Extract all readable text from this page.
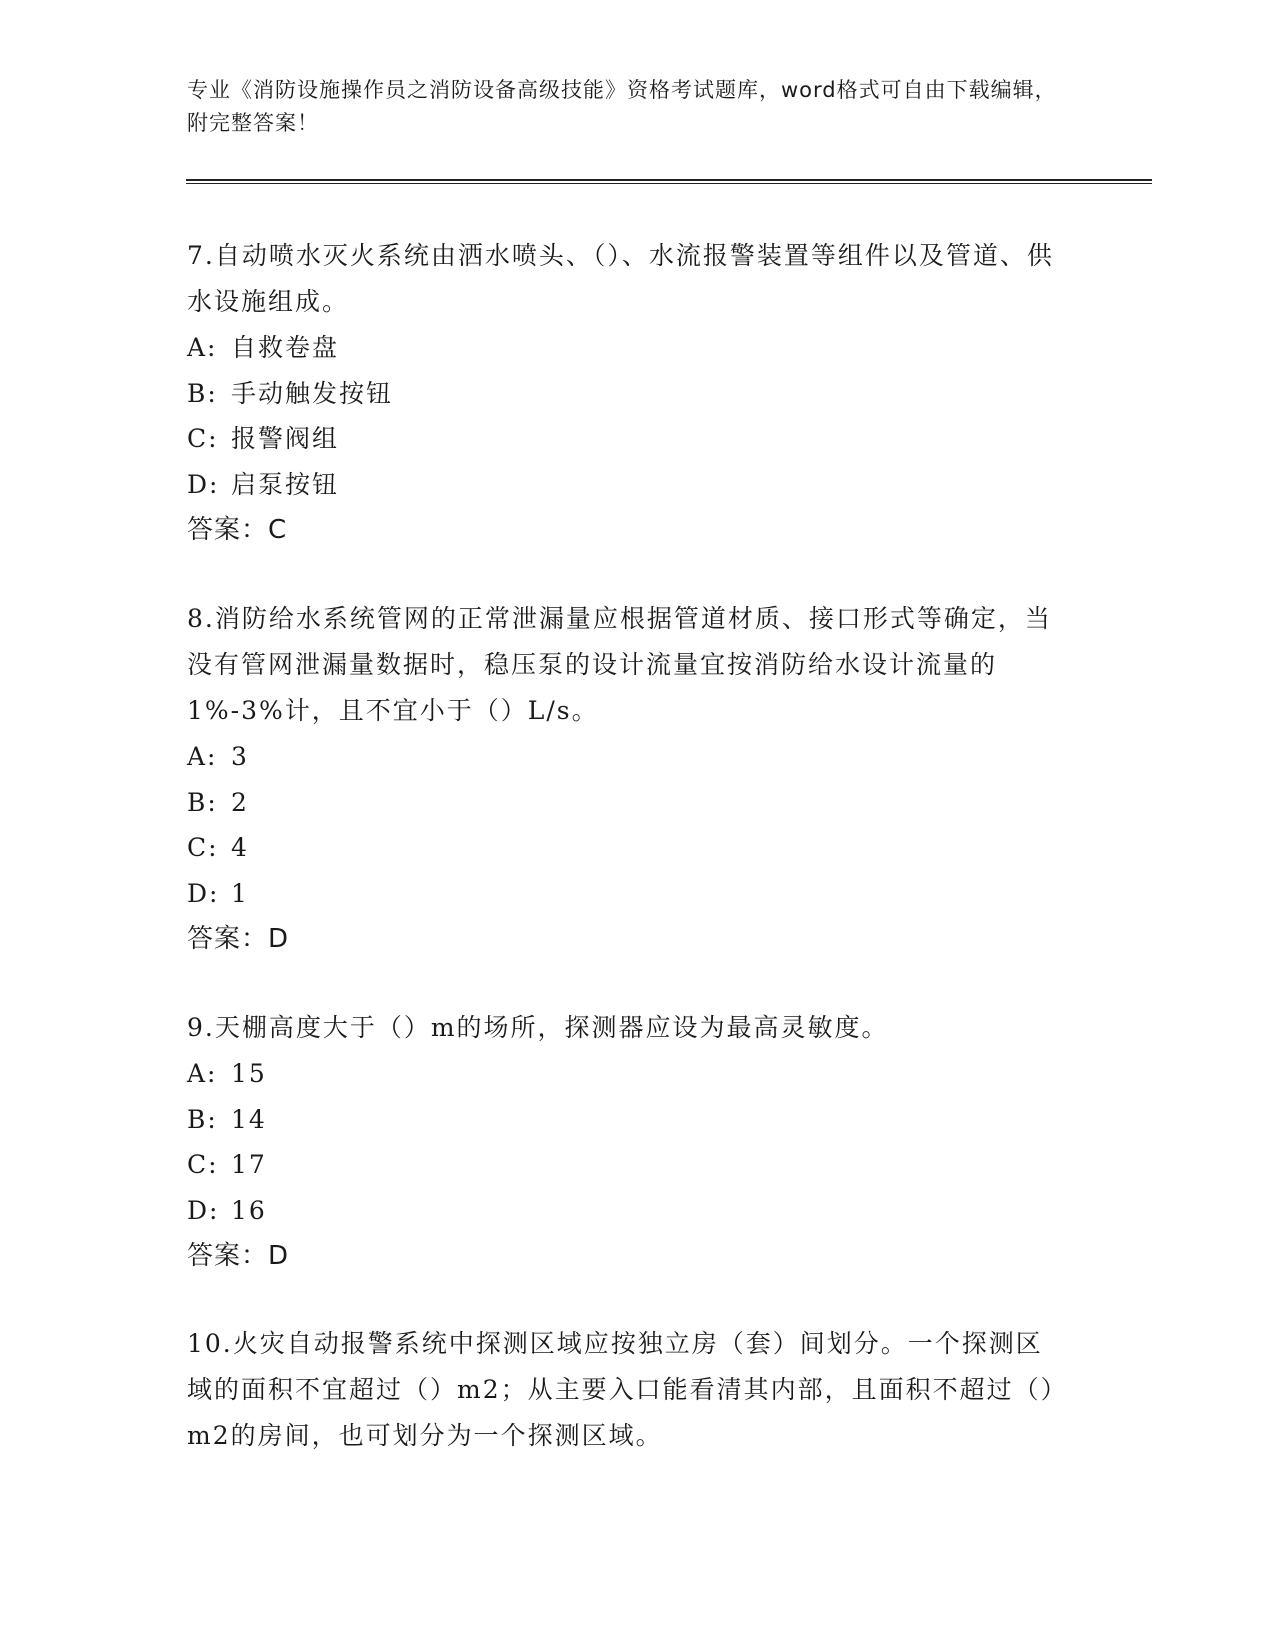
专业《消防设施操作员之消防设备高级技能》资格考试题库，word格式可自由下载编辑，附完整答案！

7.自动喷水灭火系统由洒水喷头、（）、水流报警装置等组件以及管道、供水设施组成。

A: 自救卷盘

B: 手动触发按钮

C: 报警阀组

D: 启泵按钮

答案：C

8.消防给水系统管网的正常泄漏量应根据管道材质、接口形式等确定，当没有管网泄漏量数据时，稳压泵的设计流量宜按消防给水设计流量的1%-3%计，且不宜小于（）L/s。

A: 3

B: 2

C: 4

D: 1

答案：D

9.天棚高度大于（）m的场所，探测器应设为最高灵敏度。

A: 15

B: 14

C: 17

D: 16

答案：D

10.火灾自动报警系统中探测区域应按独立房（套）间划分。一个探测区域的面积不宜超过（）m2；从主要入口能看清其内部，且面积不超过（）m2的房间，也可划分为一个探测区域。
